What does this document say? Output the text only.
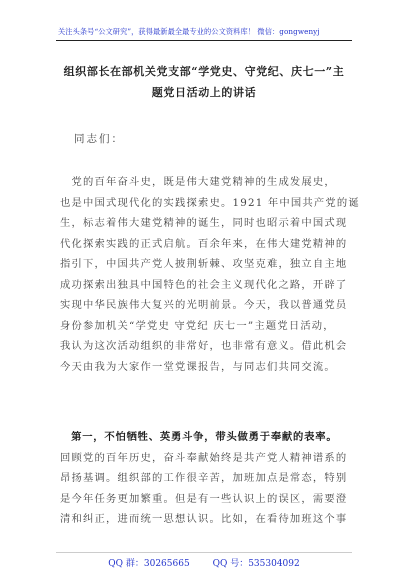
关注头条号“公文研究”，获得最新最全最专业的公文资料库！ 微信：gongwenyj
组织部长在部机关党支部“学党史、守党纪、庆七一”主
题党日活动上的讲话
同志们：
　党的百年奋斗史，既是伟大建党精神的生成发展史，
也是中国式现代化的实践探索史。1921 年中国共产党的诞
生，标志着伟大建党精神的诞生，同时也昭示着中国式现
代化探索实践的正式启航。百余年来，在伟大建党精神的
指引下，中国共产党人披荆斩棘、攻坚克难，独立自主地
成功探索出独具中国特色的社会主义现代化之路，开辟了
实现中华民族伟大复兴的光明前景。今天，我以普通党员
身份参加机关“学党史 守党纪 庆七一”主题党日活动，
我认为这次活动组织的非常好，也非常有意义。借此机会
今天由我为大家作一堂党课报告，与同志们共同交流。
　第一，不怕牺牲、英勇斗争，带头做勇于奉献的表率。
回顾党的百年历史，奋斗奉献始终是共产党人精神谱系的
昂扬基调。组织部的工作很辛苦，加班加点是常态，特别
是今年任务更加繁重。但是有一些认识上的误区，需要澄
清和纠正，进而统一思想认识。比如，在看待加班这个事
QQ 群：30265665	QQ 号：535304092
